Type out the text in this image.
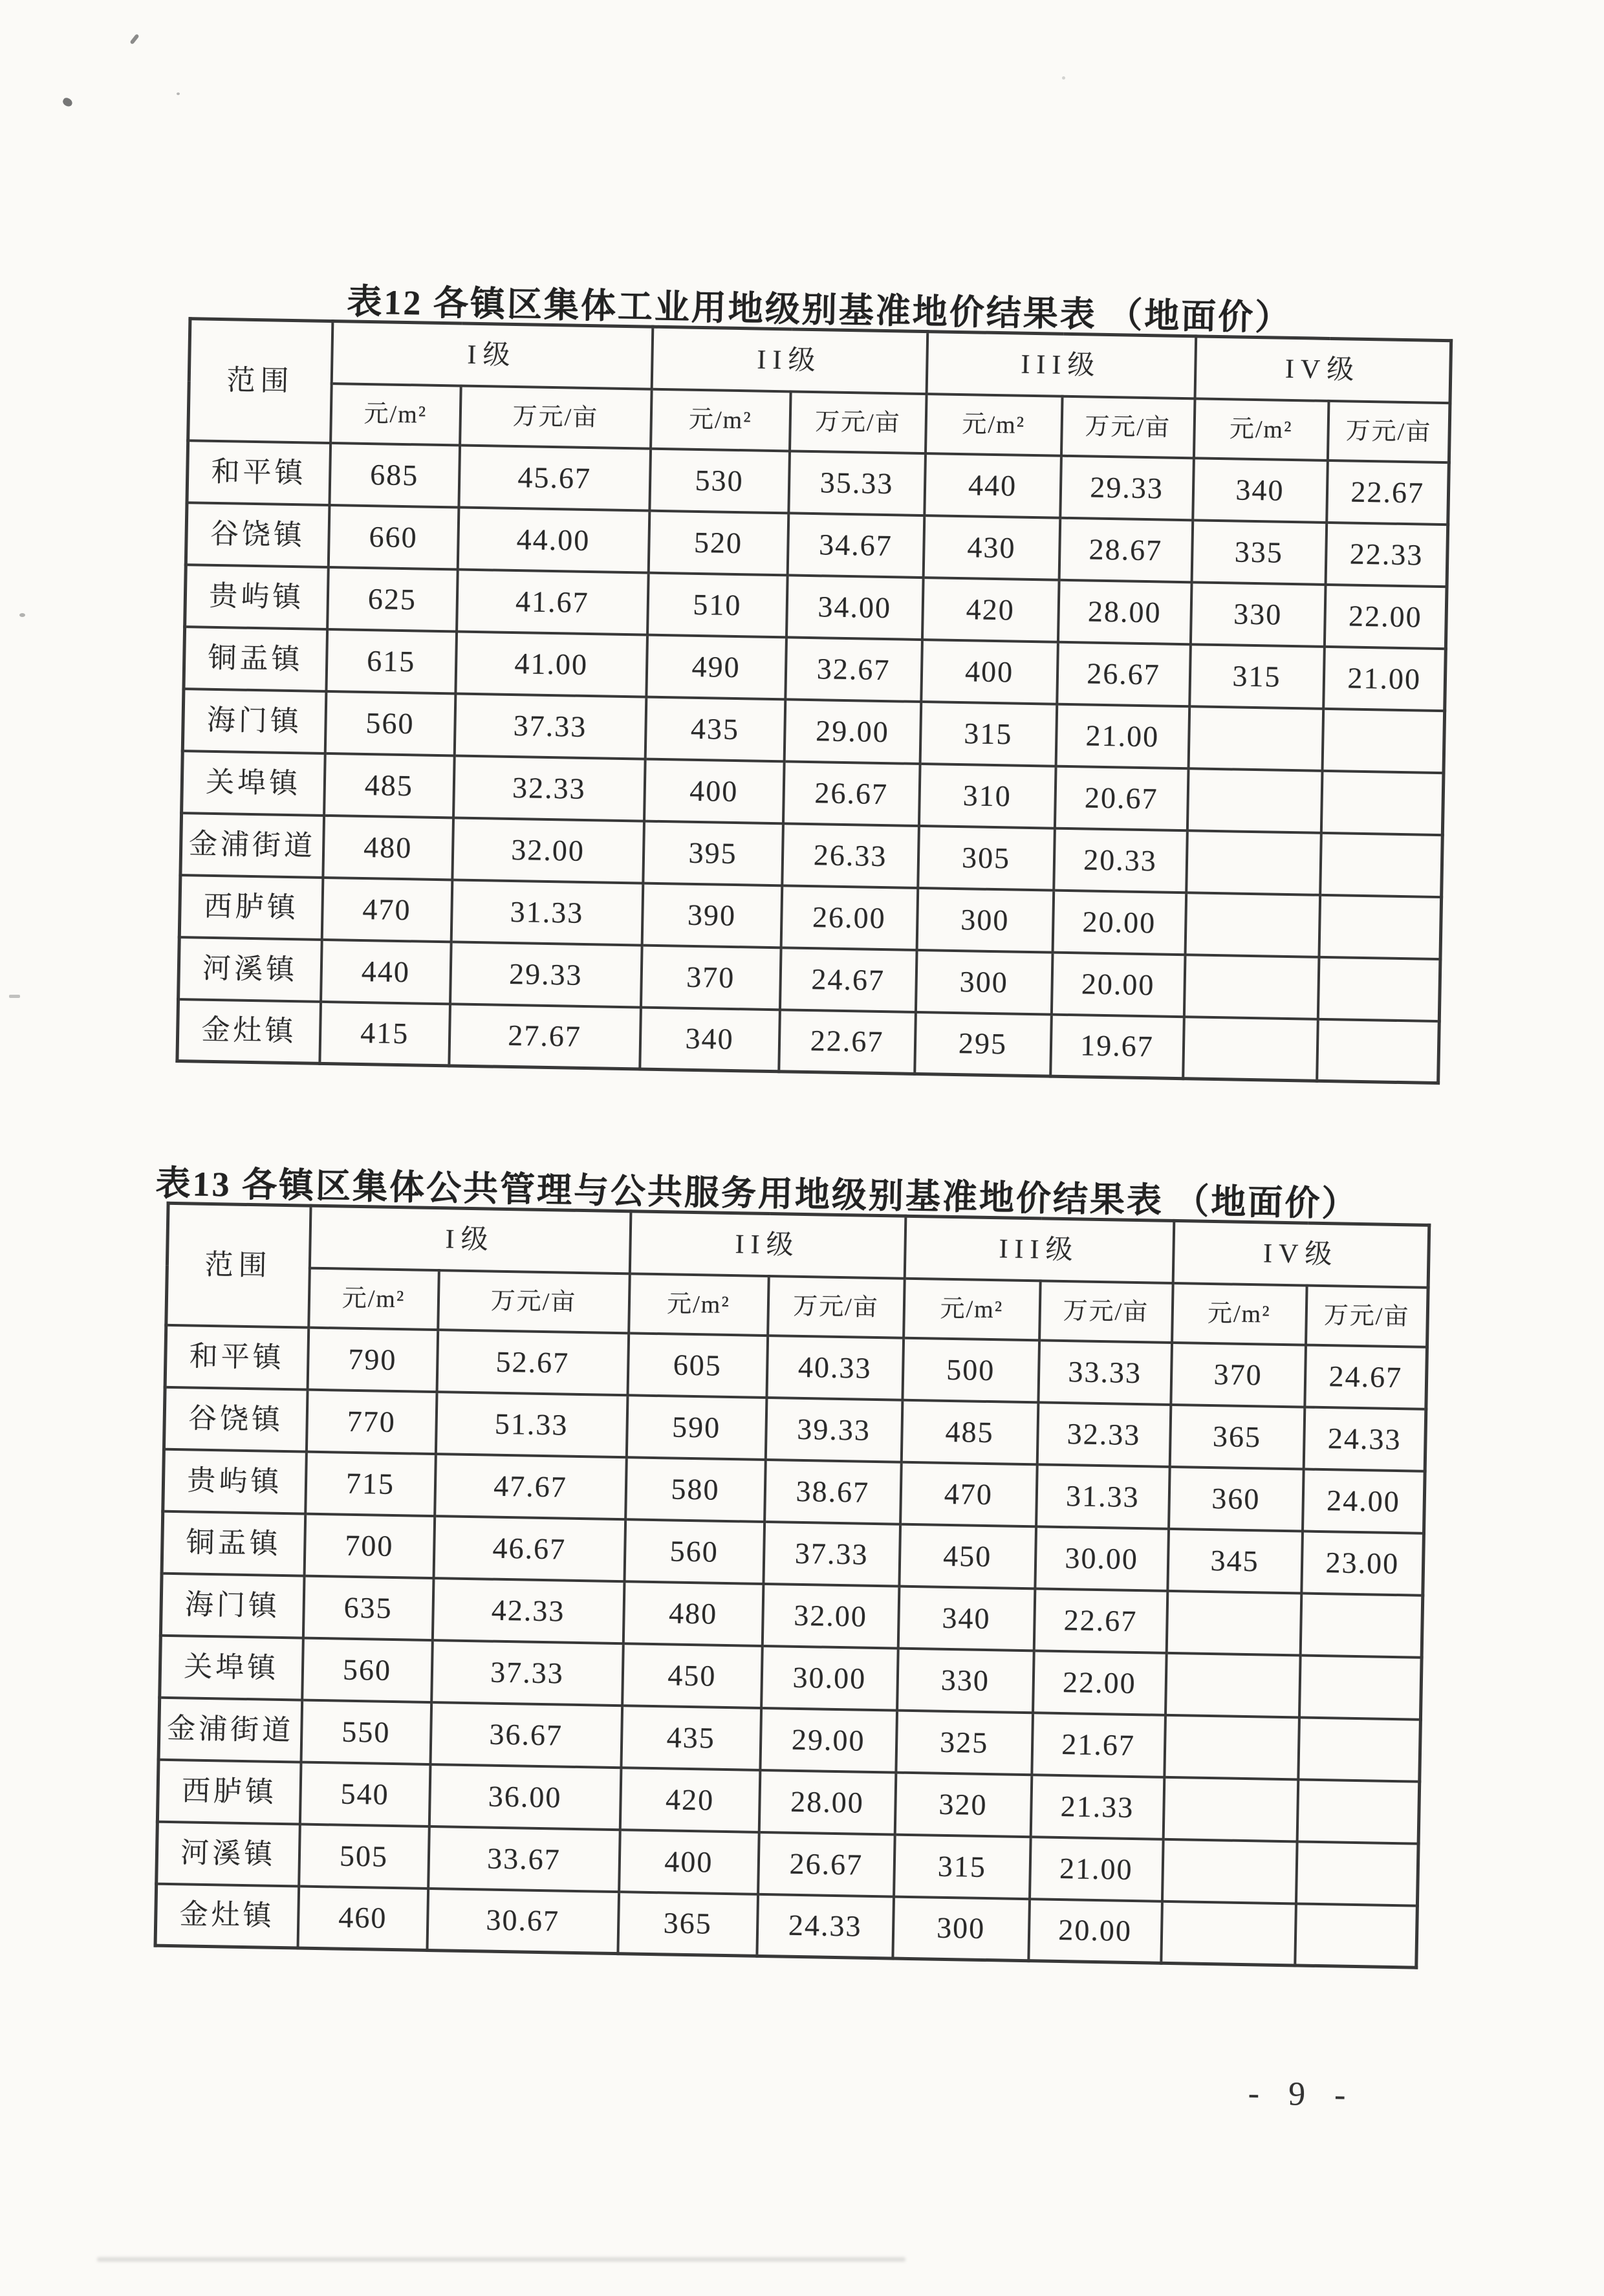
表12 各镇区集体工业用地级别基准地价结果表 （地面价）
范围	I级		II级		III级		IV级	
	元/m²	万元/亩	元/m²	万元/亩	元/m²	万元/亩	元/m²	万元/亩
和平镇	685	45.67	530	35.33	440	29.33	340	22.67
谷饶镇	660	44.00	520	34.67	430	28.67	335	22.33
贵屿镇	625	41.67	510	34.00	420	28.00	330	22.00
铜盂镇	615	41.00	490	32.67	400	26.67	315	21.00
海门镇	560	37.33	435	29.00	315	21.00		
关埠镇	485	32.33	400	26.67	310	20.67		
金浦街道	480	32.00	395	26.33	305	20.33		
西胪镇	470	31.33	390	26.00	300	20.00		
河溪镇	440	29.33	370	24.67	300	20.00		
金灶镇	415	27.67	340	22.67	295	19.67		
表13 各镇区集体公共管理与公共服务用地级别基准地价结果表 （地面价）
范围	I级		II级		III级		IV级	
	元/m²	万元/亩	元/m²	万元/亩	元/m²	万元/亩	元/m²	万元/亩
和平镇	790	52.67	605	40.33	500	33.33	370	24.67
谷饶镇	770	51.33	590	39.33	485	32.33	365	24.33
贵屿镇	715	47.67	580	38.67	470	31.33	360	24.00
铜盂镇	700	46.67	560	37.33	450	30.00	345	23.00
海门镇	635	42.33	480	32.00	340	22.67		
关埠镇	560	37.33	450	30.00	330	22.00		
金浦街道	550	36.67	435	29.00	325	21.67		
西胪镇	540	36.00	420	28.00	320	21.33		
河溪镇	505	33.67	400	26.67	315	21.00		
金灶镇	460	30.67	365	24.33	300	20.00		
- 9 -
